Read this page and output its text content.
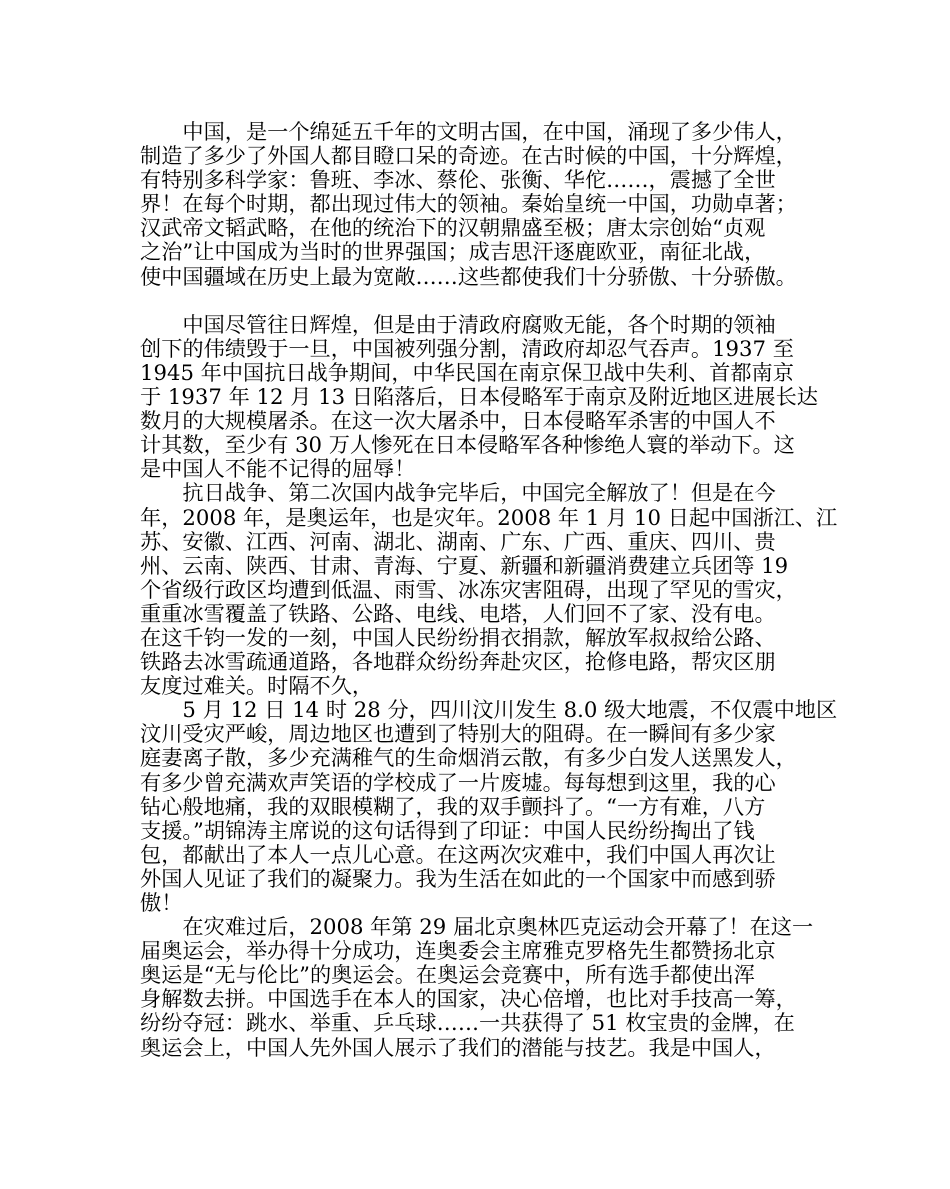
　　中国，是一个绵延五千年的文明古国，在中国，涌现了多少伟人，
制造了多少了外国人都目瞪口呆的奇迹。在古时候的中国，十分辉煌，
有特别多科学家：鲁班、李冰、蔡伦、张衡、华佗……，震撼了全世
界！在每个时期，都出现过伟大的领袖。秦始皇统一中国，功勋卓著；
汉武帝文韬武略，在他的统治下的汉朝鼎盛至极；唐太宗创始“贞观
之治”让中国成为当时的世界强国；成吉思汗逐鹿欧亚，南征北战，
使中国疆域在历史上最为宽敞……这些都使我们十分骄傲、十分骄傲。
　　中国尽管往日辉煌，但是由于清政府腐败无能，各个时期的领袖
创下的伟绩毁于一旦，中国被列强分割，清政府却忍气吞声。1937 至
1945 年中国抗日战争期间，中华民国在南京保卫战中失利、首都南京
于 1937 年 12 月 13 日陷落后，日本侵略军于南京及附近地区进展长达
数月的大规模屠杀。在这一次大屠杀中，日本侵略军杀害的中国人不
计其数，至少有 30 万人惨死在日本侵略军各种惨绝人寰的举动下。这
是中国人不能不记得的屈辱！
　　抗日战争、第二次国内战争完毕后，中国完全解放了！但是在今
年，2008 年，是奥运年，也是灾年。2008 年 1 月 10 日起中国浙江、江
苏、安徽、江西、河南、湖北、湖南、广东、广西、重庆、四川、贵
州、云南、陕西、甘肃、青海、宁夏、新疆和新疆消费建立兵团等 19
个省级行政区均遭到低温、雨雪、冰冻灾害阻碍，出现了罕见的雪灾，
重重冰雪覆盖了铁路、公路、电线、电塔，人们回不了家、没有电。
在这千钧一发的一刻，中国人民纷纷捐衣捐款，解放军叔叔给公路、
铁路去冰雪疏通道路，各地群众纷纷奔赴灾区，抢修电路，帮灾区朋
友度过难关。时隔不久，
　　5 月 12 日 14 时 28 分，四川汶川发生 8.0 级大地震，不仅震中地区
汶川受灾严峻，周边地区也遭到了特别大的阻碍。在一瞬间有多少家
庭妻离子散，多少充满稚气的生命烟消云散，有多少白发人送黑发人，
有多少曾充满欢声笑语的学校成了一片废墟。每每想到这里，我的心
钻心般地痛，我的双眼模糊了，我的双手颤抖了。“一方有难，八方
支援。”胡锦涛主席说的这句话得到了印证：中国人民纷纷掏出了钱
包，都献出了本人一点儿心意。在这两次灾难中，我们中国人再次让
外国人见证了我们的凝聚力。我为生活在如此的一个国家中而感到骄
傲！
　　在灾难过后，2008 年第 29 届北京奥林匹克运动会开幕了！在这一
届奥运会，举办得十分成功，连奥委会主席雅克罗格先生都赞扬北京
奥运是“无与伦比”的奥运会。在奥运会竞赛中，所有选手都使出浑
身解数去拼。中国选手在本人的国家，决心倍增，也比对手技高一筹，
纷纷夺冠：跳水、举重、乒乓球……一共获得了 51 枚宝贵的金牌，在
奥运会上，中国人先外国人展示了我们的潜能与技艺。我是中国人，
